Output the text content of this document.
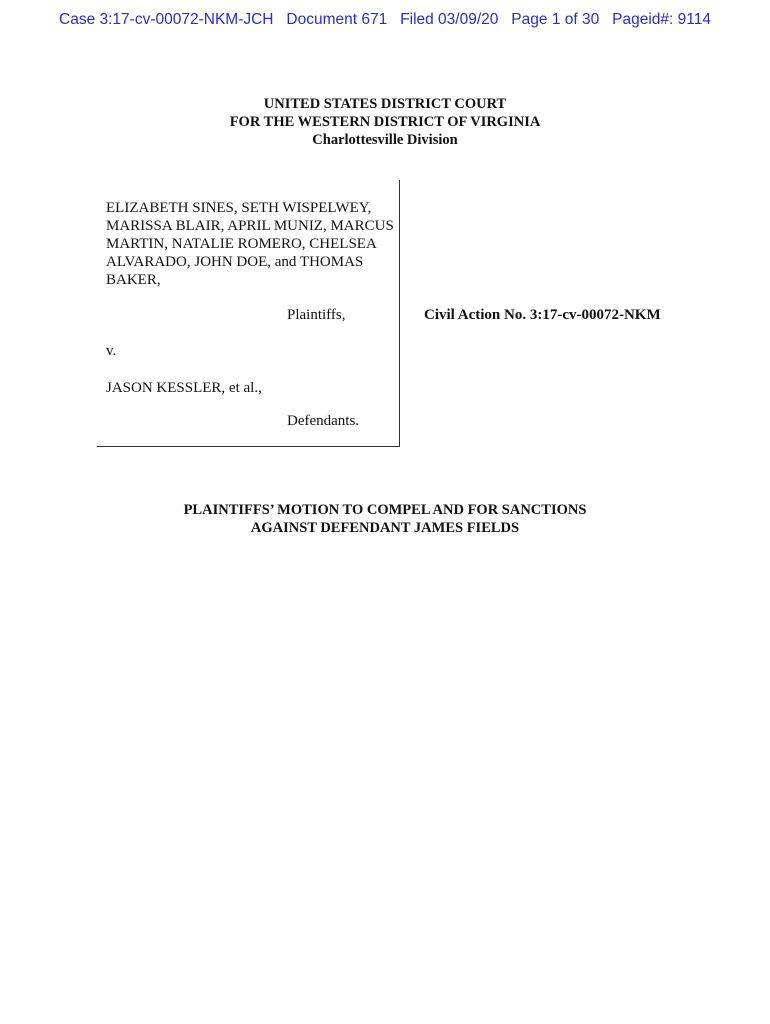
Case 3:17-cv-00072-NKM-JCH   Document 671   Filed 03/09/20   Page 1 of 30   Pageid#: 9114
UNITED STATES DISTRICT COURT
FOR THE WESTERN DISTRICT OF VIRGINIA
Charlottesville Division
ELIZABETH SINES, SETH WISPELWEY,
MARISSA BLAIR, APRIL MUNIZ, MARCUS
MARTIN, NATALIE ROMERO, CHELSEA
ALVARADO, JOHN DOE, and THOMAS
BAKER,
Plaintiffs,
v.
JASON KESSLER, et al.,
Defendants.
Civil Action No. 3:17-cv-00072-NKM
PLAINTIFFS’ MOTION TO COMPEL AND FOR SANCTIONS
AGAINST DEFENDANT JAMES FIELDS
